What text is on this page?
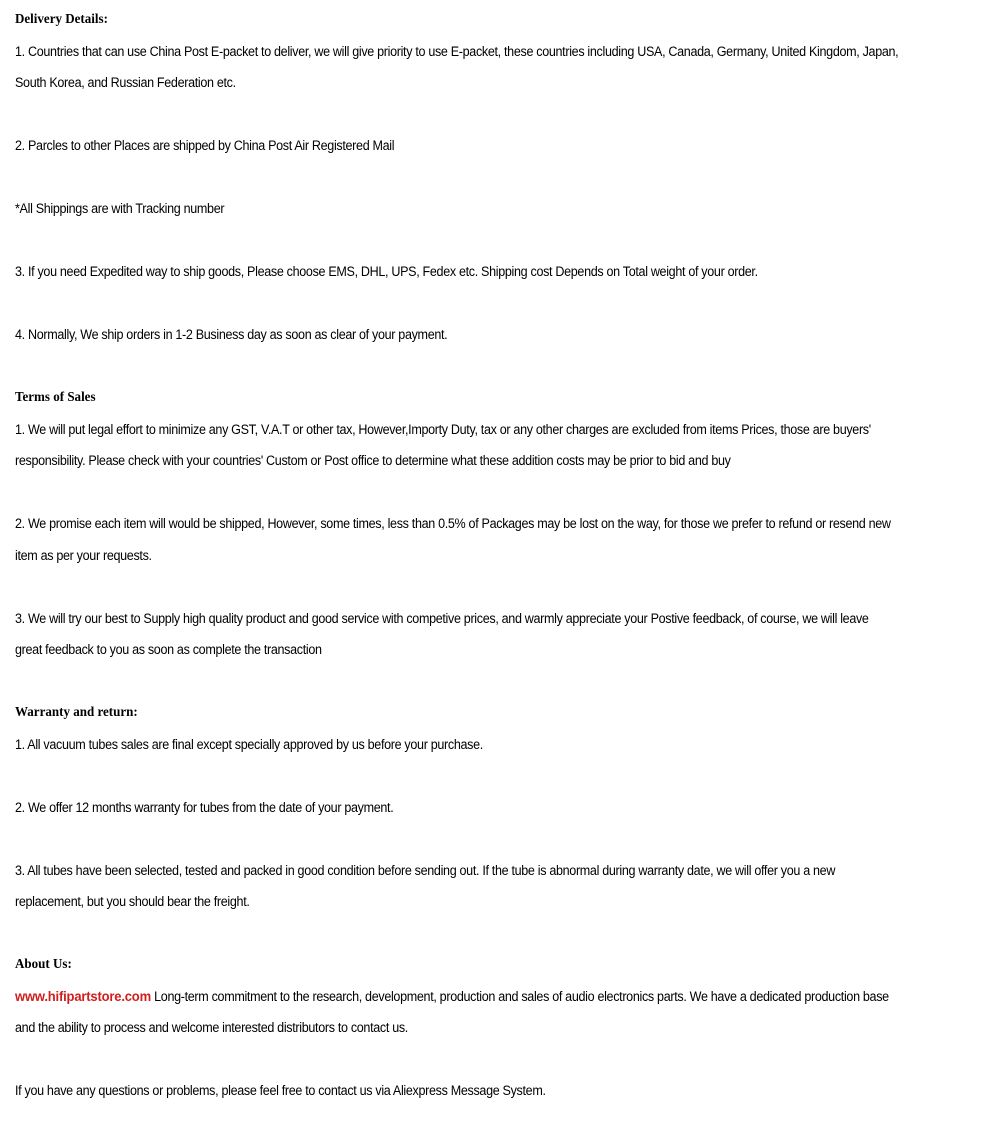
Delivery Details:

1. Countries that can use China Post E-packet to deliver, we will give priority to use E-packet, these countries including USA, Canada, Germany, United Kingdom, Japan, South Korea, and Russian Federation etc.

2. Parcles to other Places are shipped by China Post Air Registered Mail

*All Shippings are with Tracking number

3. If you need Expedited way to ship goods, Please choose EMS, DHL, UPS, Fedex etc. Shipping cost Depends on Total weight of your order.

4. Normally, We ship orders in 1-2 Business day as soon as clear of your payment.

Terms of Sales

1. We will put legal effort to minimize any GST, V.A.T or other tax, However,Importy Duty, tax or any other charges are excluded from items Prices, those are buyers' responsibility. Please check with your countries' Custom or Post office to determine what these addition costs may be prior to bid and buy

2. We promise each item will would be shipped, However, some times, less than 0.5% of Packages may be lost on the way, for those we prefer to refund or resend new item as per your requests.

3. We will try our best to Supply high quality product and good service with competive prices, and warmly appreciate your Postive feedback, of course, we will leave great feedback to you as soon as complete the transaction

Warranty and return:

1. All vacuum tubes sales are final except specially approved by us before your purchase.

2. We offer 12 months warranty for tubes from the date of your payment.

3. All tubes have been selected, tested and packed in good condition before sending out. If the tube is abnormal during warranty date, we will offer you a new replacement, but you should bear the freight.

About Us:

www.hifipartstore.com Long-term commitment to the research, development, production and sales of audio electronics parts. We have a dedicated production base and the ability to process and welcome interested distributors to contact us.

If you have any questions or problems, please feel free to contact us via Aliexpress Message System.
